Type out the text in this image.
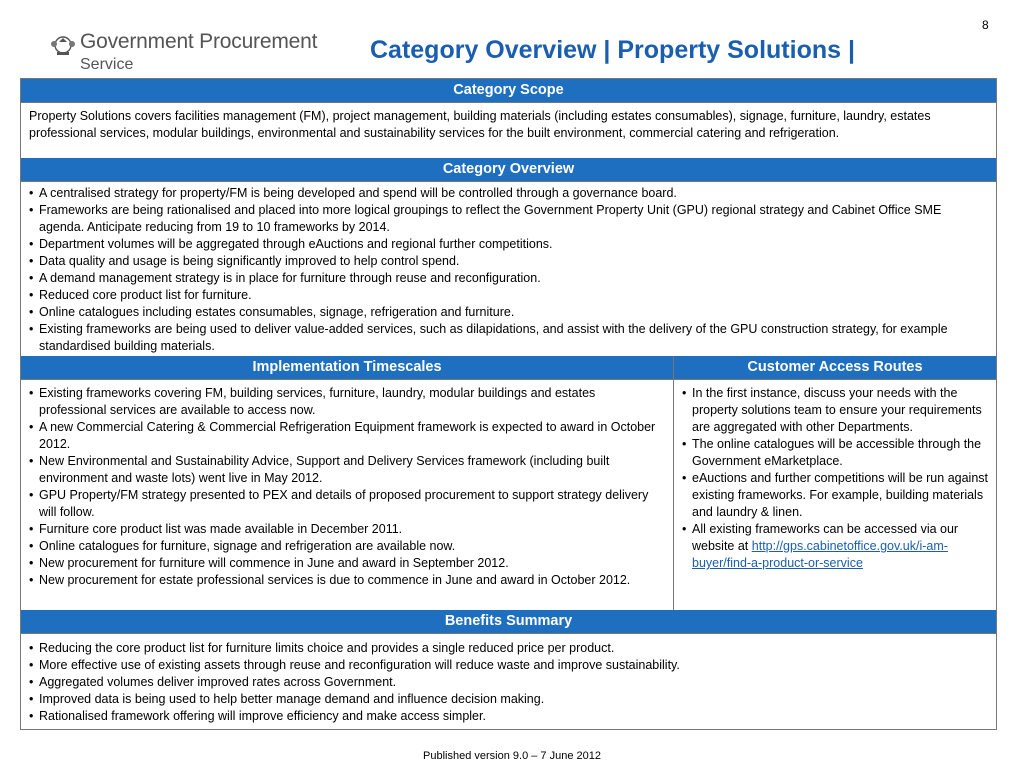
8
Government Procurement
Service
Category Overview | Property Solutions |
Category Scope
Property Solutions covers facilities management (FM), project management, building materials (including estates consumables), signage, furniture, laundry, estates professional services, modular buildings, environmental and sustainability services for the built environment, commercial catering and refrigeration.
Category Overview
• A centralised strategy for property/FM is being developed and spend will be controlled through a governance board.
• Frameworks are being rationalised and placed into more logical groupings to reflect the Government Property Unit (GPU) regional strategy and Cabinet Office SME agenda. Anticipate reducing from 19 to 10 frameworks by 2014.
• Department volumes will be aggregated through eAuctions and regional further competitions.
• Data quality and usage is being significantly improved to help control spend.
• A demand management strategy is in place for furniture through reuse and reconfiguration.
• Reduced core product list for furniture.
• Online catalogues including estates consumables, signage, refrigeration and furniture.
• Existing frameworks are being used to deliver value-added services, such as dilapidations, and assist with the delivery of the GPU construction strategy, for example standardised building materials.
Implementation Timescales
• Existing frameworks covering FM, building services, furniture, laundry, modular buildings and estates professional services are available to access now.
• A new Commercial Catering & Commercial Refrigeration Equipment framework is expected to award in October 2012.
• New Environmental and Sustainability Advice, Support and Delivery Services framework (including built environment and waste lots) went live in May 2012.
• GPU Property/FM strategy presented to PEX and details of proposed procurement to support strategy delivery will follow.
• Furniture core product list was made available in December 2011.
• Online catalogues for furniture, signage and refrigeration are available now.
• New procurement for furniture will commence in June and award in September 2012.
• New procurement for estate professional services is due to commence in June and award in October 2012.
Customer Access Routes
• In the first instance, discuss your needs with the property solutions team to ensure your requirements are aggregated with other Departments.
• The online catalogues will be accessible through the Government eMarketplace.
• eAuctions and further competitions will be run against existing frameworks. For example, building materials and laundry & linen.
• All existing frameworks can be accessed via our website at http://gps.cabinetoffice.gov.uk/i-am-buyer/find-a-product-or-service
Benefits Summary
• Reducing the core product list for furniture limits choice and provides a single reduced price per product.
• More effective use of existing assets through reuse and reconfiguration will reduce waste and improve sustainability.
• Aggregated volumes deliver improved rates across Government.
• Improved data is being used to help better manage demand and influence decision making.
• Rationalised framework offering will improve efficiency and make access simpler.
Published version 9.0 – 7 June 2012
